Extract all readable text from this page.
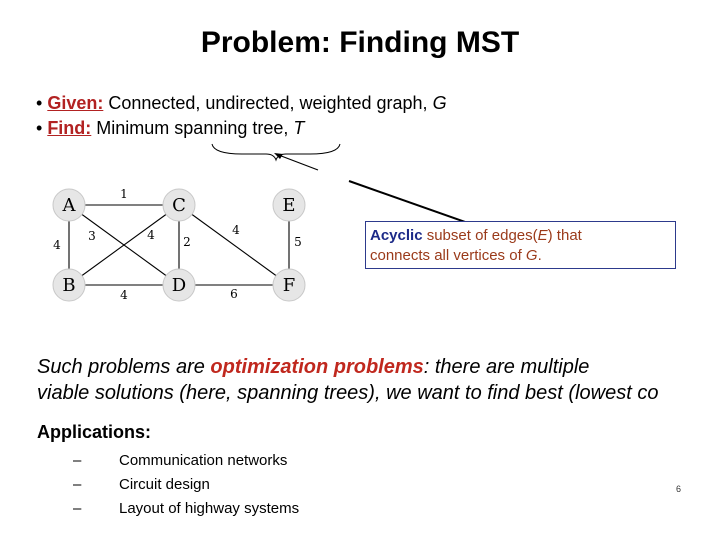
Problem: Finding MST
• Given: Connected, undirected, weighted graph, G
• Find: Minimum spanning tree, T
Acyclic subset of edges(E) that
connects all vertices of G.
1
4
3	4 2
4
5
4	6
A	C	E
B	D	F
Such problems are optimization problems: there are multiple
viable solutions (here, spanning trees), we want to find best (lowest co
Applications:
–	Communication networks
–	Circuit design
–	Layout of highway systems
6
